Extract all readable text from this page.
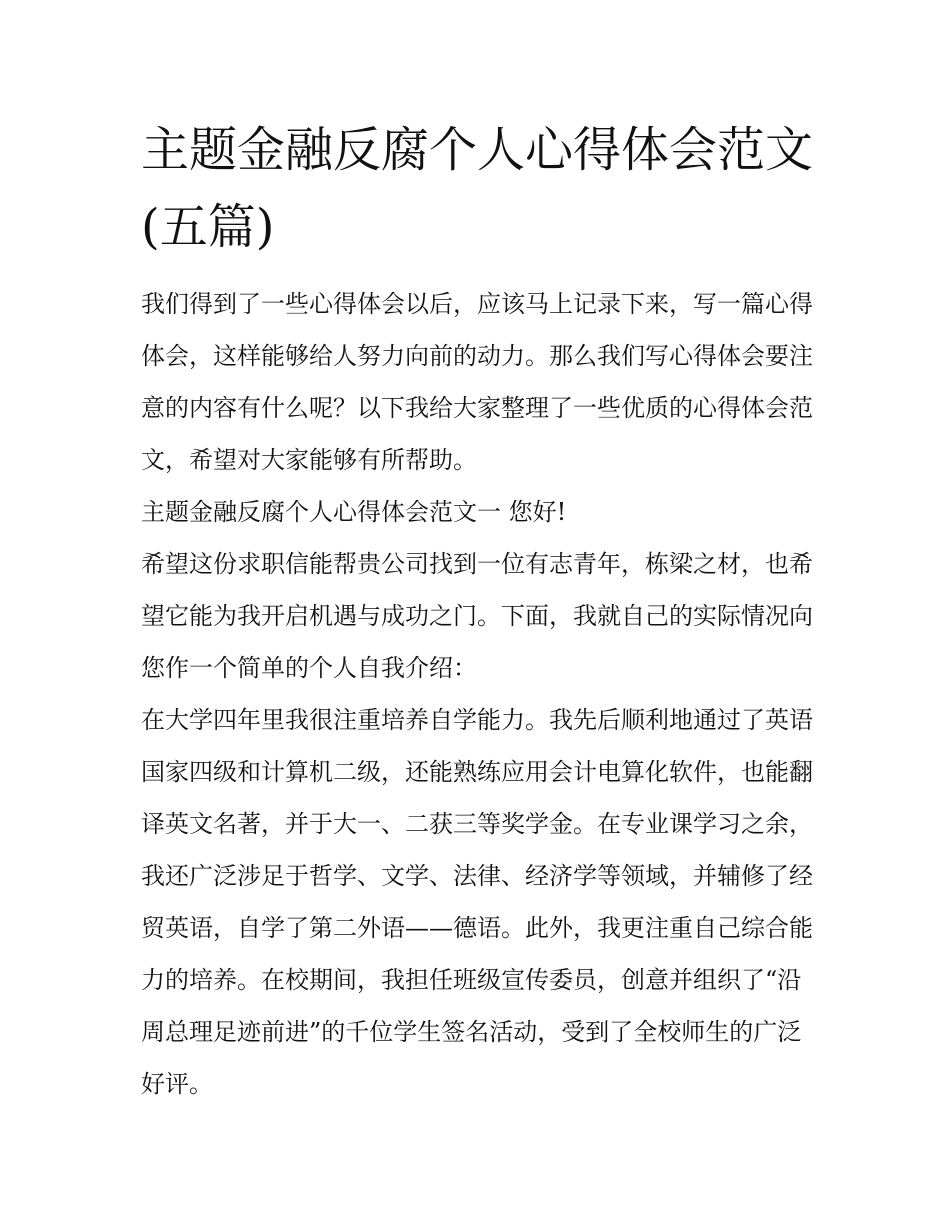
主题金融反腐个人心得体会范文(五篇)

我们得到了一些心得体会以后，应该马上记录下来，写一篇心得体会，这样能够给人努力向前的动力。那么我们写心得体会要注意的内容有什么呢？以下我给大家整理了一些优质的心得体会范文，希望对大家能够有所帮助。

主题金融反腐个人心得体会范文一 您好!

希望这份求职信能帮贵公司找到一位有志青年，栋梁之材，也希望它能为我开启机遇与成功之门。下面，我就自己的实际情况向您作一个简单的个人自我介绍：

在大学四年里我很注重培养自学能力。我先后顺利地通过了英语国家四级和计算机二级，还能熟练应用会计电算化软件，也能翻译英文名著，并于大一、二获三等奖学金。在专业课学习之余，我还广泛涉足于哲学、文学、法律、经济学等领域，并辅修了经贸英语，自学了第二外语——德语。此外，我更注重自己综合能力的培养。在校期间，我担任班级宣传委员，创意并组织了“沿周总理足迹前进”的千位学生签名活动，受到了全校师生的广泛好评。
